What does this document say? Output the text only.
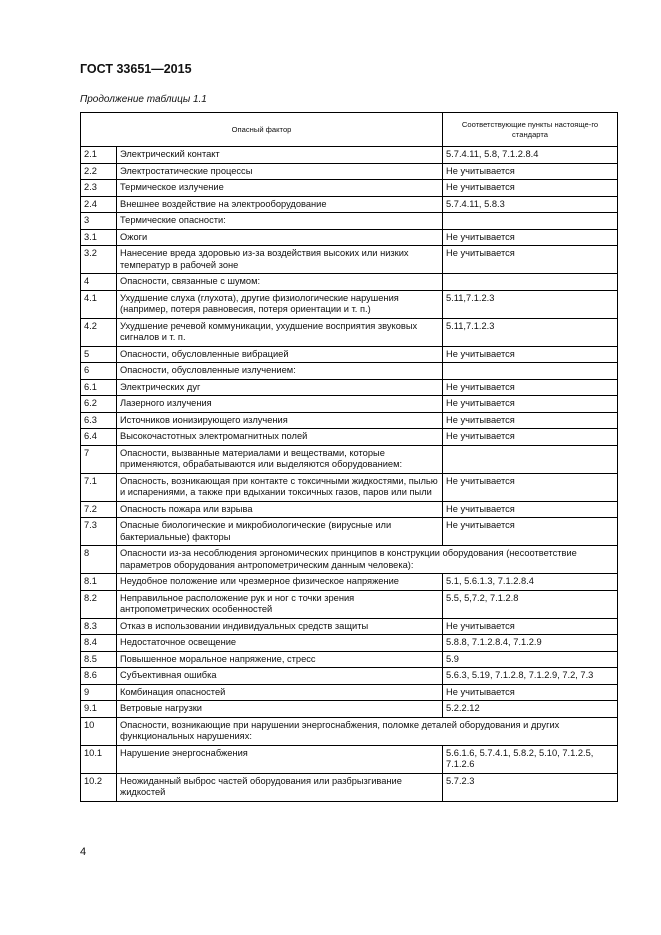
ГОСТ 33651—2015
Продолжение таблицы 1.1
Опасный фактор		Соответствующие пункты настояще-го стандарта
2.1	Электрический контакт	5.7.4.11, 5.8, 7.1.2.8.4
2.2	Электростатические процессы	Не учитывается
2.3	Термическое излучение	Не учитывается
2.4	Внешнее воздействие на электрооборудование	5.7.4.11, 5.8.3
3	Термические опасности:	
3.1	Ожоги	Не учитывается
3.2	Нанесение вреда здоровью из-за воздействия высоких или низких температур в рабочей зоне	Не учитывается
4	Опасности, связанные с шумом:	
4.1	Ухудшение слуха (глухота), другие физиологические нарушения (например, потеря равновесия, потеря ориентации и т. п.)	5.11,7.1.2.3
4.2	Ухудшение речевой коммуникации, ухудшение восприятия звуковых сигналов и т. п.	5.11,7.1.2.3
5	Опасности, обусловленные вибрацией	Не учитывается
6	Опасности, обусловленные излучением:	
6.1	Электрических дуг	Не учитывается
6.2	Лазерного излучения	Не учитывается
6.3	Источников ионизирующего излучения	Не учитывается
6.4	Высокочастотных электромагнитных полей	Не учитывается
7	Опасности, вызванные материалами и веществами, которые применяются, обрабатываются или выделяются оборудованием:	
7.1	Опасность, возникающая при контакте с токсичными жидкостями, пылью и испарениями, а также при вдыхании токсичных газов, паров или пыли	Не учитывается
7.2	Опасность пожара или взрыва	Не учитывается
7.3	Опасные биологические и микробиологические (вирусные или бактериальные) факторы	Не учитывается
8	Опасности из-за несоблюдения эргономических принципов в конструкции оборудования (несоответствие параметров оборудования антропометрическим данным человека):	
8.1	Неудобное положение или чрезмерное физическое напряжение	5.1, 5.6.1.3, 7.1.2.8.4
8.2	Неправильное расположение рук и ног с точки зрения антропометрических особенностей	5.5, 5,7.2, 7.1.2.8
8.3	Отказ в использовании индивидуальных средств защиты	Не учитывается
8.4	Недостаточное освещение	5.8.8, 7.1.2.8.4, 7.1.2.9
8.5	Повышенное моральное напряжение, стресс	5.9
8.6	Субъективная ошибка	5.6.3, 5.19, 7.1.2.8, 7.1.2.9, 7.2, 7.3
9	Комбинация опасностей	Не учитывается
9.1	Ветровые нагрузки	5.2.2.12
10	Опасности, возникающие при нарушении энергоснабжения, поломке деталей оборудования и других функциональных нарушениях:	
10.1	Нарушение энергоснабжения	5.6.1.6, 5.7.4.1, 5.8.2, 5.10, 7.1.2.5, 7.1.2.6
10.2	Неожиданный выброс частей оборудования или разбрызгивание жидкостей	5.7.2.3
4
